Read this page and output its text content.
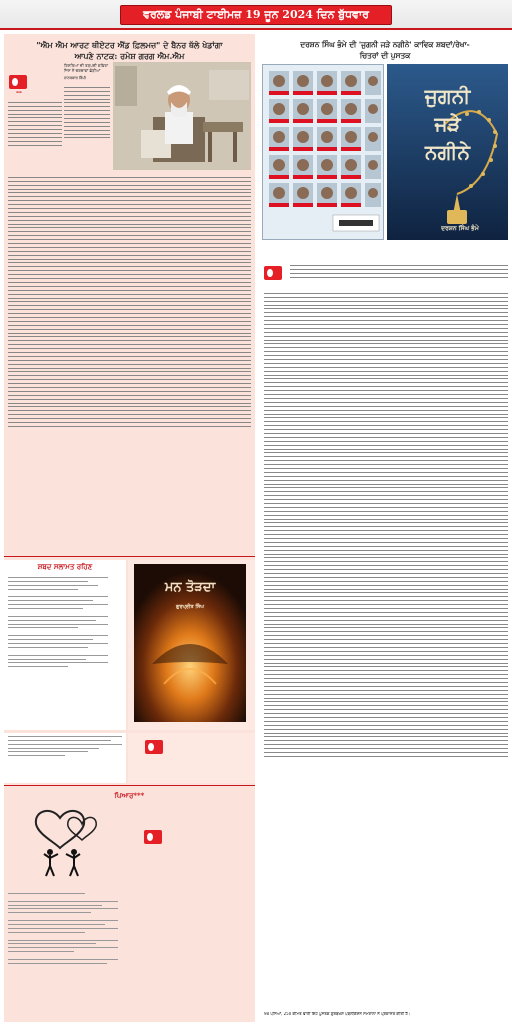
ਵਰਲਡ ਪੰਜਾਬੀ ਟਾਈਮਜ਼ 19 ਜੂਨ 2024 ਦਿਨ ਬੁੱਧਵਾਰ
"ਐਮ ਐਮ ਆਰਟ ਥੀਏਟਰ ਐਂਡ ਫ਼ਿਲਮਜ਼" ਦੇ ਬੈਨਰ ਥੱਲੇ ਖੇਡਾਂਗਾ
ਆਪਣੇ ਨਾਟਕ: ਰਮੇਸ਼ ਗਰਗ ਐਮ.ਐਮ
▬▬
ਰਿਸ਼ਤਿਆਂ ਦੀ ਤੜਪਦੀ ਕਵਿਤਾ ਜਿਸ ਨੇ ਚਰਚਾਵਾਂ ਛੇੜੀਆਂ
ਨਾਟਕਕਾਰ ਰਿੰਪੀ
ਸ਼ਬਦ ਸਲਾਮਤ ਰਹਿਣ
ਮਨ ਤੋੜਦਾ
ਗੁਰਪ੍ਰੀਤ ਸਿੰਘ
ਪਿਆਰ***
ਦਰਸ਼ਨ ਸਿੰਘ ਭੰਮੇ ਦੀ 'ਜੁਗਨੀ ਜੜੇ ਨਗੀਨੇ' ਕਾਵਿਕ ਸ਼ਬਦਾਂ/ਰੇਖਾ-
ਚਿਤਰਾਂ ਦੀ ਪੁਸਤਕ
ਜੁਗਨੀ
ਜੜੇ
ਨਗੀਨੇ
ਦਰਸ਼ਨ ਸਿੰਘ ਭੰਮੇ
98 ਪੰਨਿਆਂ, 250 ਕੀਮਤ ਵਾਲੀ ਇਹ ਪੁਸਤਕ ਗੁਰਬਖ਼ਸ਼ ਪਬਲੀਕੇਸ਼ਨ ਸਮਰਾਲਾ ਨੇ ਪ੍ਰਕਾਸ਼ਤ ਕੀਤੀ ਹੈ।
